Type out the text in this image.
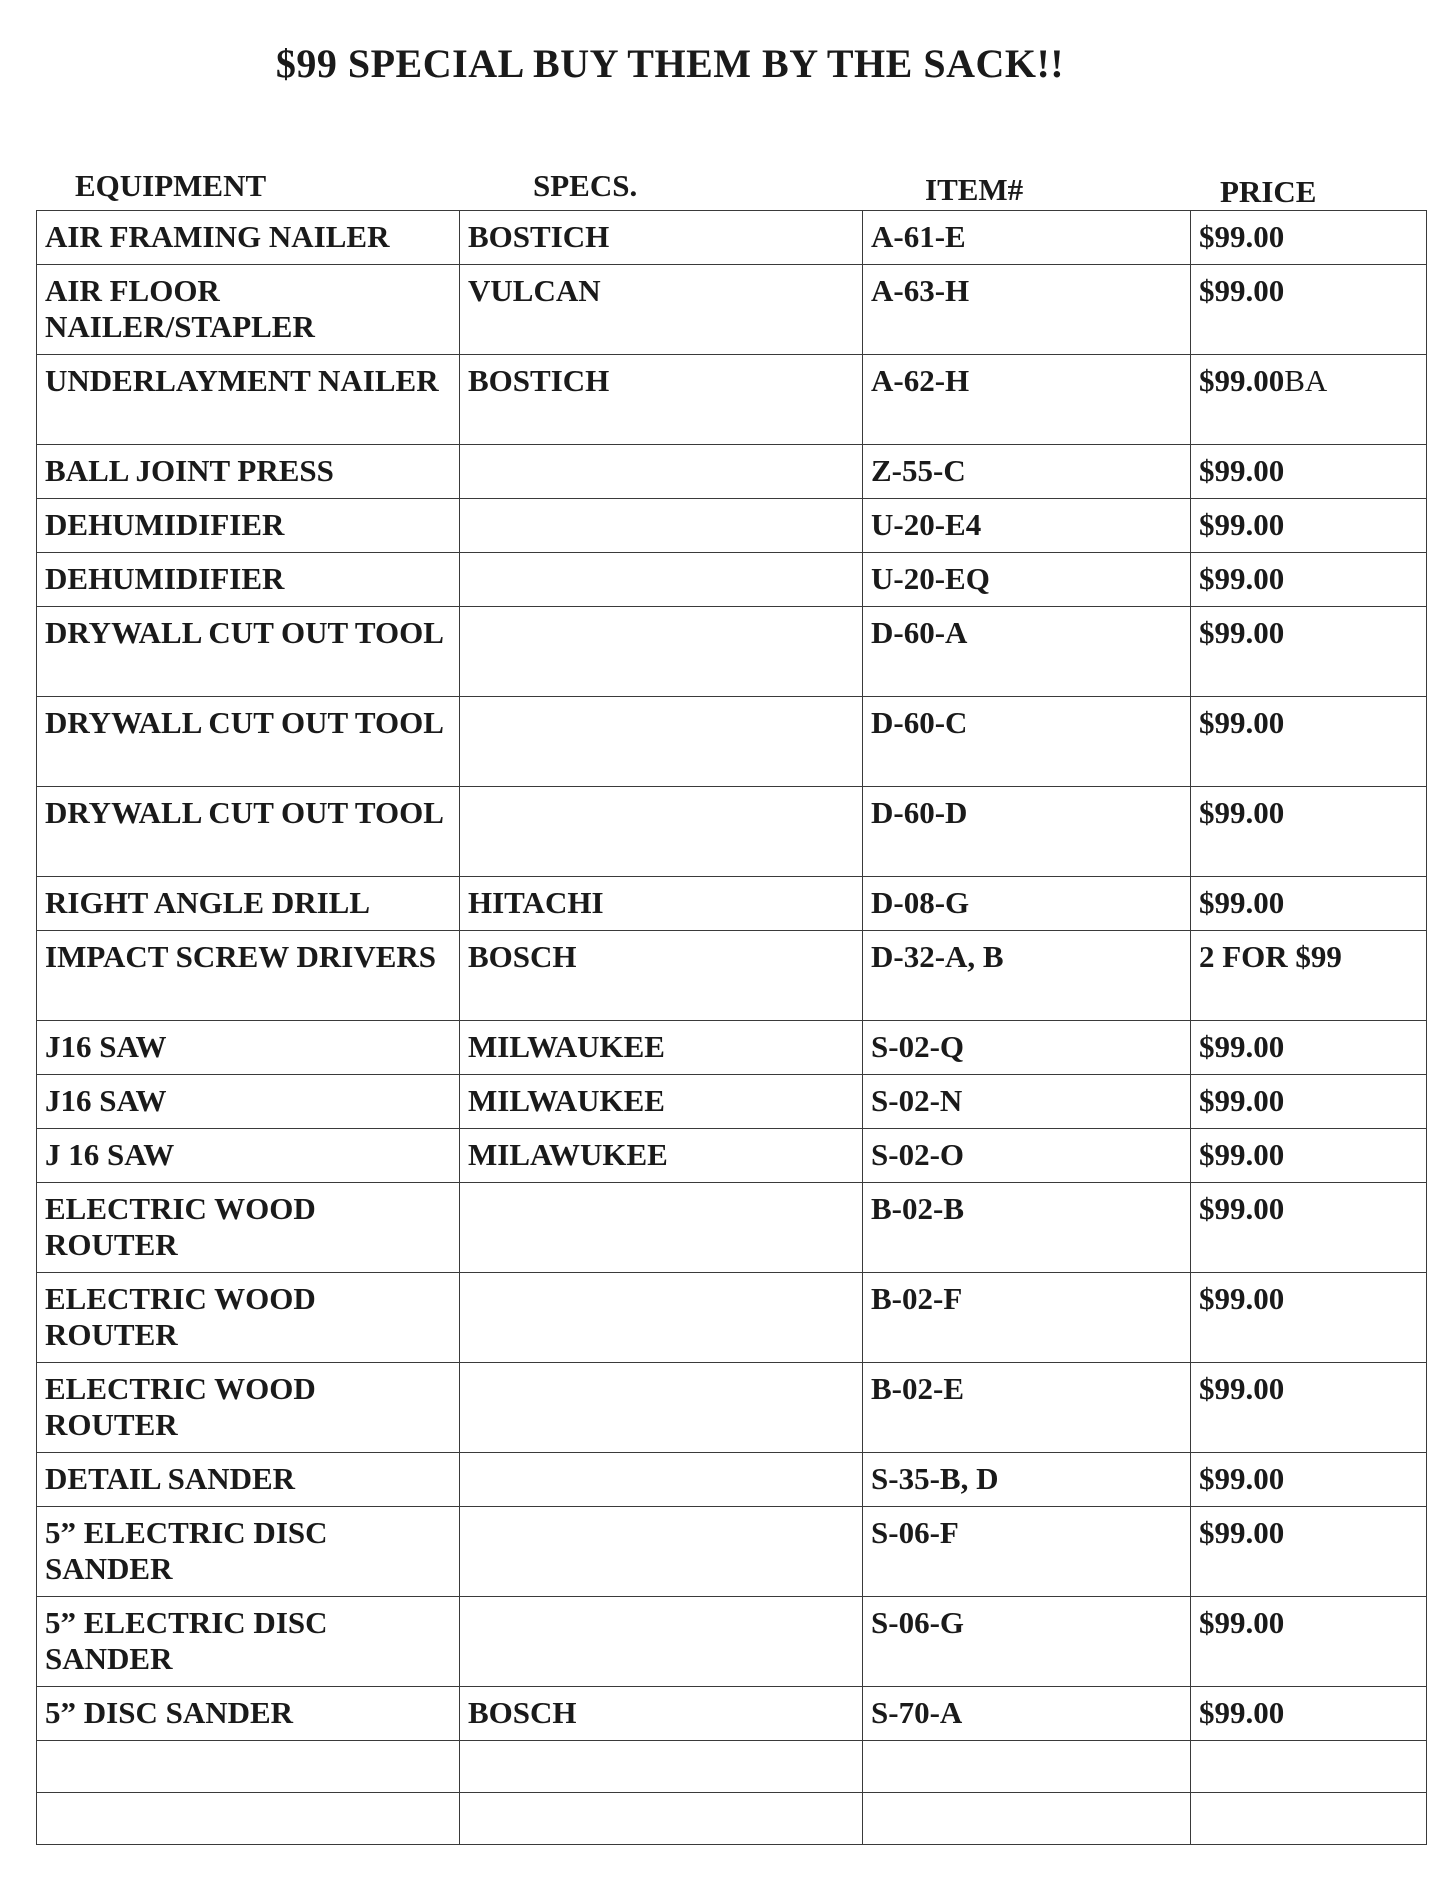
$99 SPECIAL BUY THEM BY THE SACK!!
EQUIPMENT	SPECS.	ITEM#	PRICE
AIR FRAMING NAILER	BOSTICH	A-61-E	$99.00
AIR FLOOR NAILER/STAPLER	VULCAN	A-63-H	$99.00
UNDERLAYMENT NAILER	BOSTICH	A-62-H	$99.00BA
BALL JOINT PRESS		Z-55-C	$99.00
DEHUMIDIFIER		U-20-E4	$99.00
DEHUMIDIFIER		U-20-EQ	$99.00
DRYWALL CUT OUT TOOL		D-60-A	$99.00
DRYWALL CUT OUT TOOL		D-60-C	$99.00
DRYWALL CUT OUT TOOL		D-60-D	$99.00
RIGHT ANGLE DRILL	HITACHI	D-08-G	$99.00
IMPACT SCREW DRIVERS	BOSCH	D-32-A, B	2 FOR $99
J16 SAW	MILWAUKEE	S-02-Q	$99.00
J16 SAW	MILWAUKEE	S-02-N	$99.00
J 16 SAW	MILAWUKEE	S-02-O	$99.00
ELECTRIC WOOD ROUTER		B-02-B	$99.00
ELECTRIC WOOD ROUTER		B-02-F	$99.00
ELECTRIC WOOD ROUTER		B-02-E	$99.00
DETAIL SANDER		S-35-B, D	$99.00
5” ELECTRIC DISC SANDER		S-06-F	$99.00
5” ELECTRIC DISC SANDER		S-06-G	$99.00
5” DISC SANDER	BOSCH	S-70-A	$99.00
